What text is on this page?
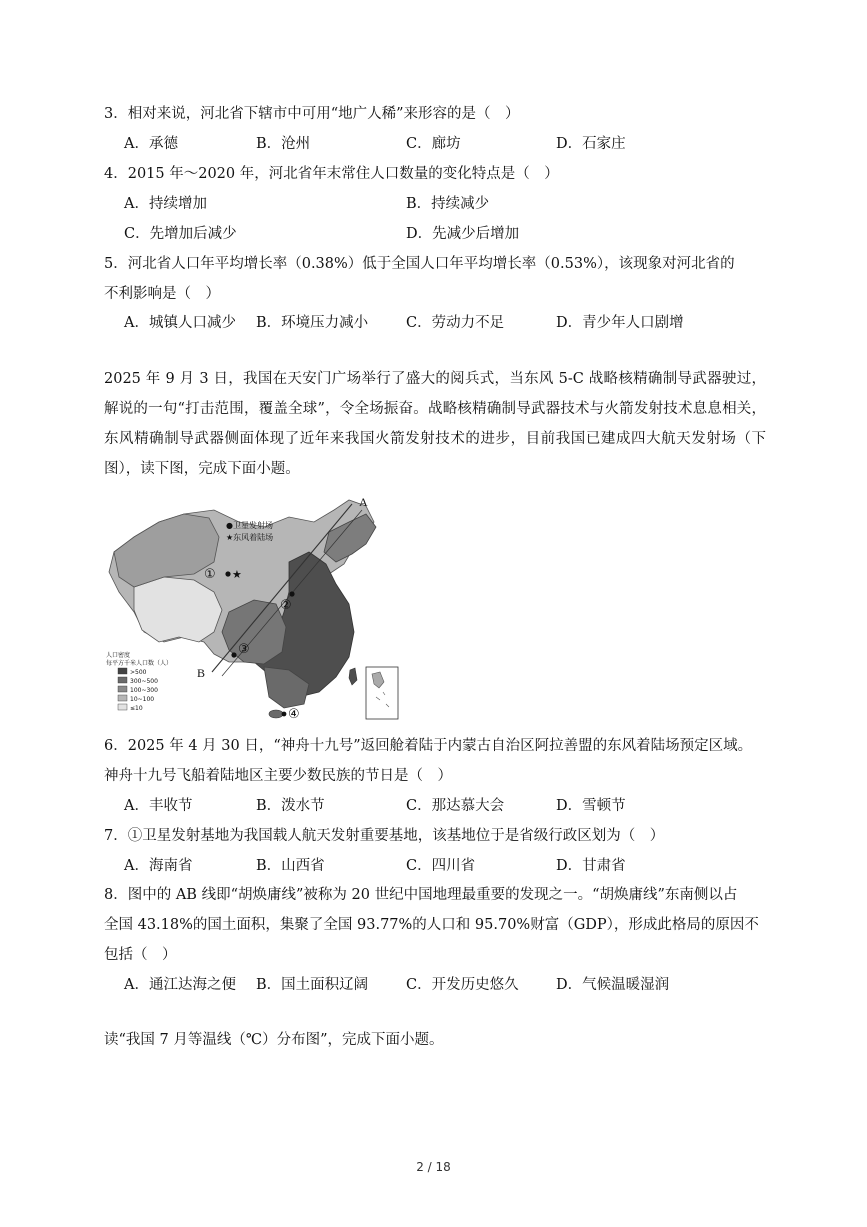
3．相对来说，河北省下辖市中可用“地广人稀”来形容的是（　）
A．承德	B．沧州	C．廊坊	D．石家庄
4．2015 年～2020 年，河北省年末常住人口数量的变化特点是（　）
A．持续增加	B．持续减少
C．先增加后减少	D．先减少后增加
5．河北省人口年平均增长率（0.38%）低于全国人口年平均增长率（0.53%），该现象对河北省的
不利影响是（　）
A．城镇人口减少 B．环境压力减小	C．劳动力不足	D．青少年人口剧增
2025 年 9 月 3 日，我国在天安门广场举行了盛大的阅兵式，当东风 5-C 战略核精确制导武器驶过，解说的一句“打击范围，覆盖全球”，令全场振奋。战略核精确制导武器技术与火箭发射技术息息相关，东风精确制导武器侧面体现了近年来我国火箭发射技术的进步，目前我国已建成四大航天发射场（下图），读下图，完成下面小题。
A
B
① ★
②
③
④
●卫星发射场
★东风着陆场
人口密度
每平方千米人口数（人）
>500
300~500
100~300
10~100
≤10
6．2025 年 4 月 30 日，“神舟十九号”返回舱着陆于内蒙古自治区阿拉善盟的东风着陆场预定区域。
神舟十九号飞船着陆地区主要少数民族的节日是（　）
A．丰收节	B．泼水节	C．那达慕大会	D．雪顿节
7．①卫星发射基地为我国载人航天发射重要基地，该基地位于是省级行政区划为（　）
A．海南省	B．山西省	C．四川省	D．甘肃省
8．图中的 AB 线即“胡焕庸线”被称为 20 世纪中国地理最重要的发现之一。“胡焕庸线”东南侧以占
全国 43.18%的国土面积，集聚了全国 93.77%的人口和 95.70%财富（GDP），形成此格局的原因不
包括（　）
A．通江达海之便 B．国土面积辽阔	C．开发历史悠久	D．气候温暖湿润
读“我国 7 月等温线（℃）分布图”，完成下面小题。
2 / 18
